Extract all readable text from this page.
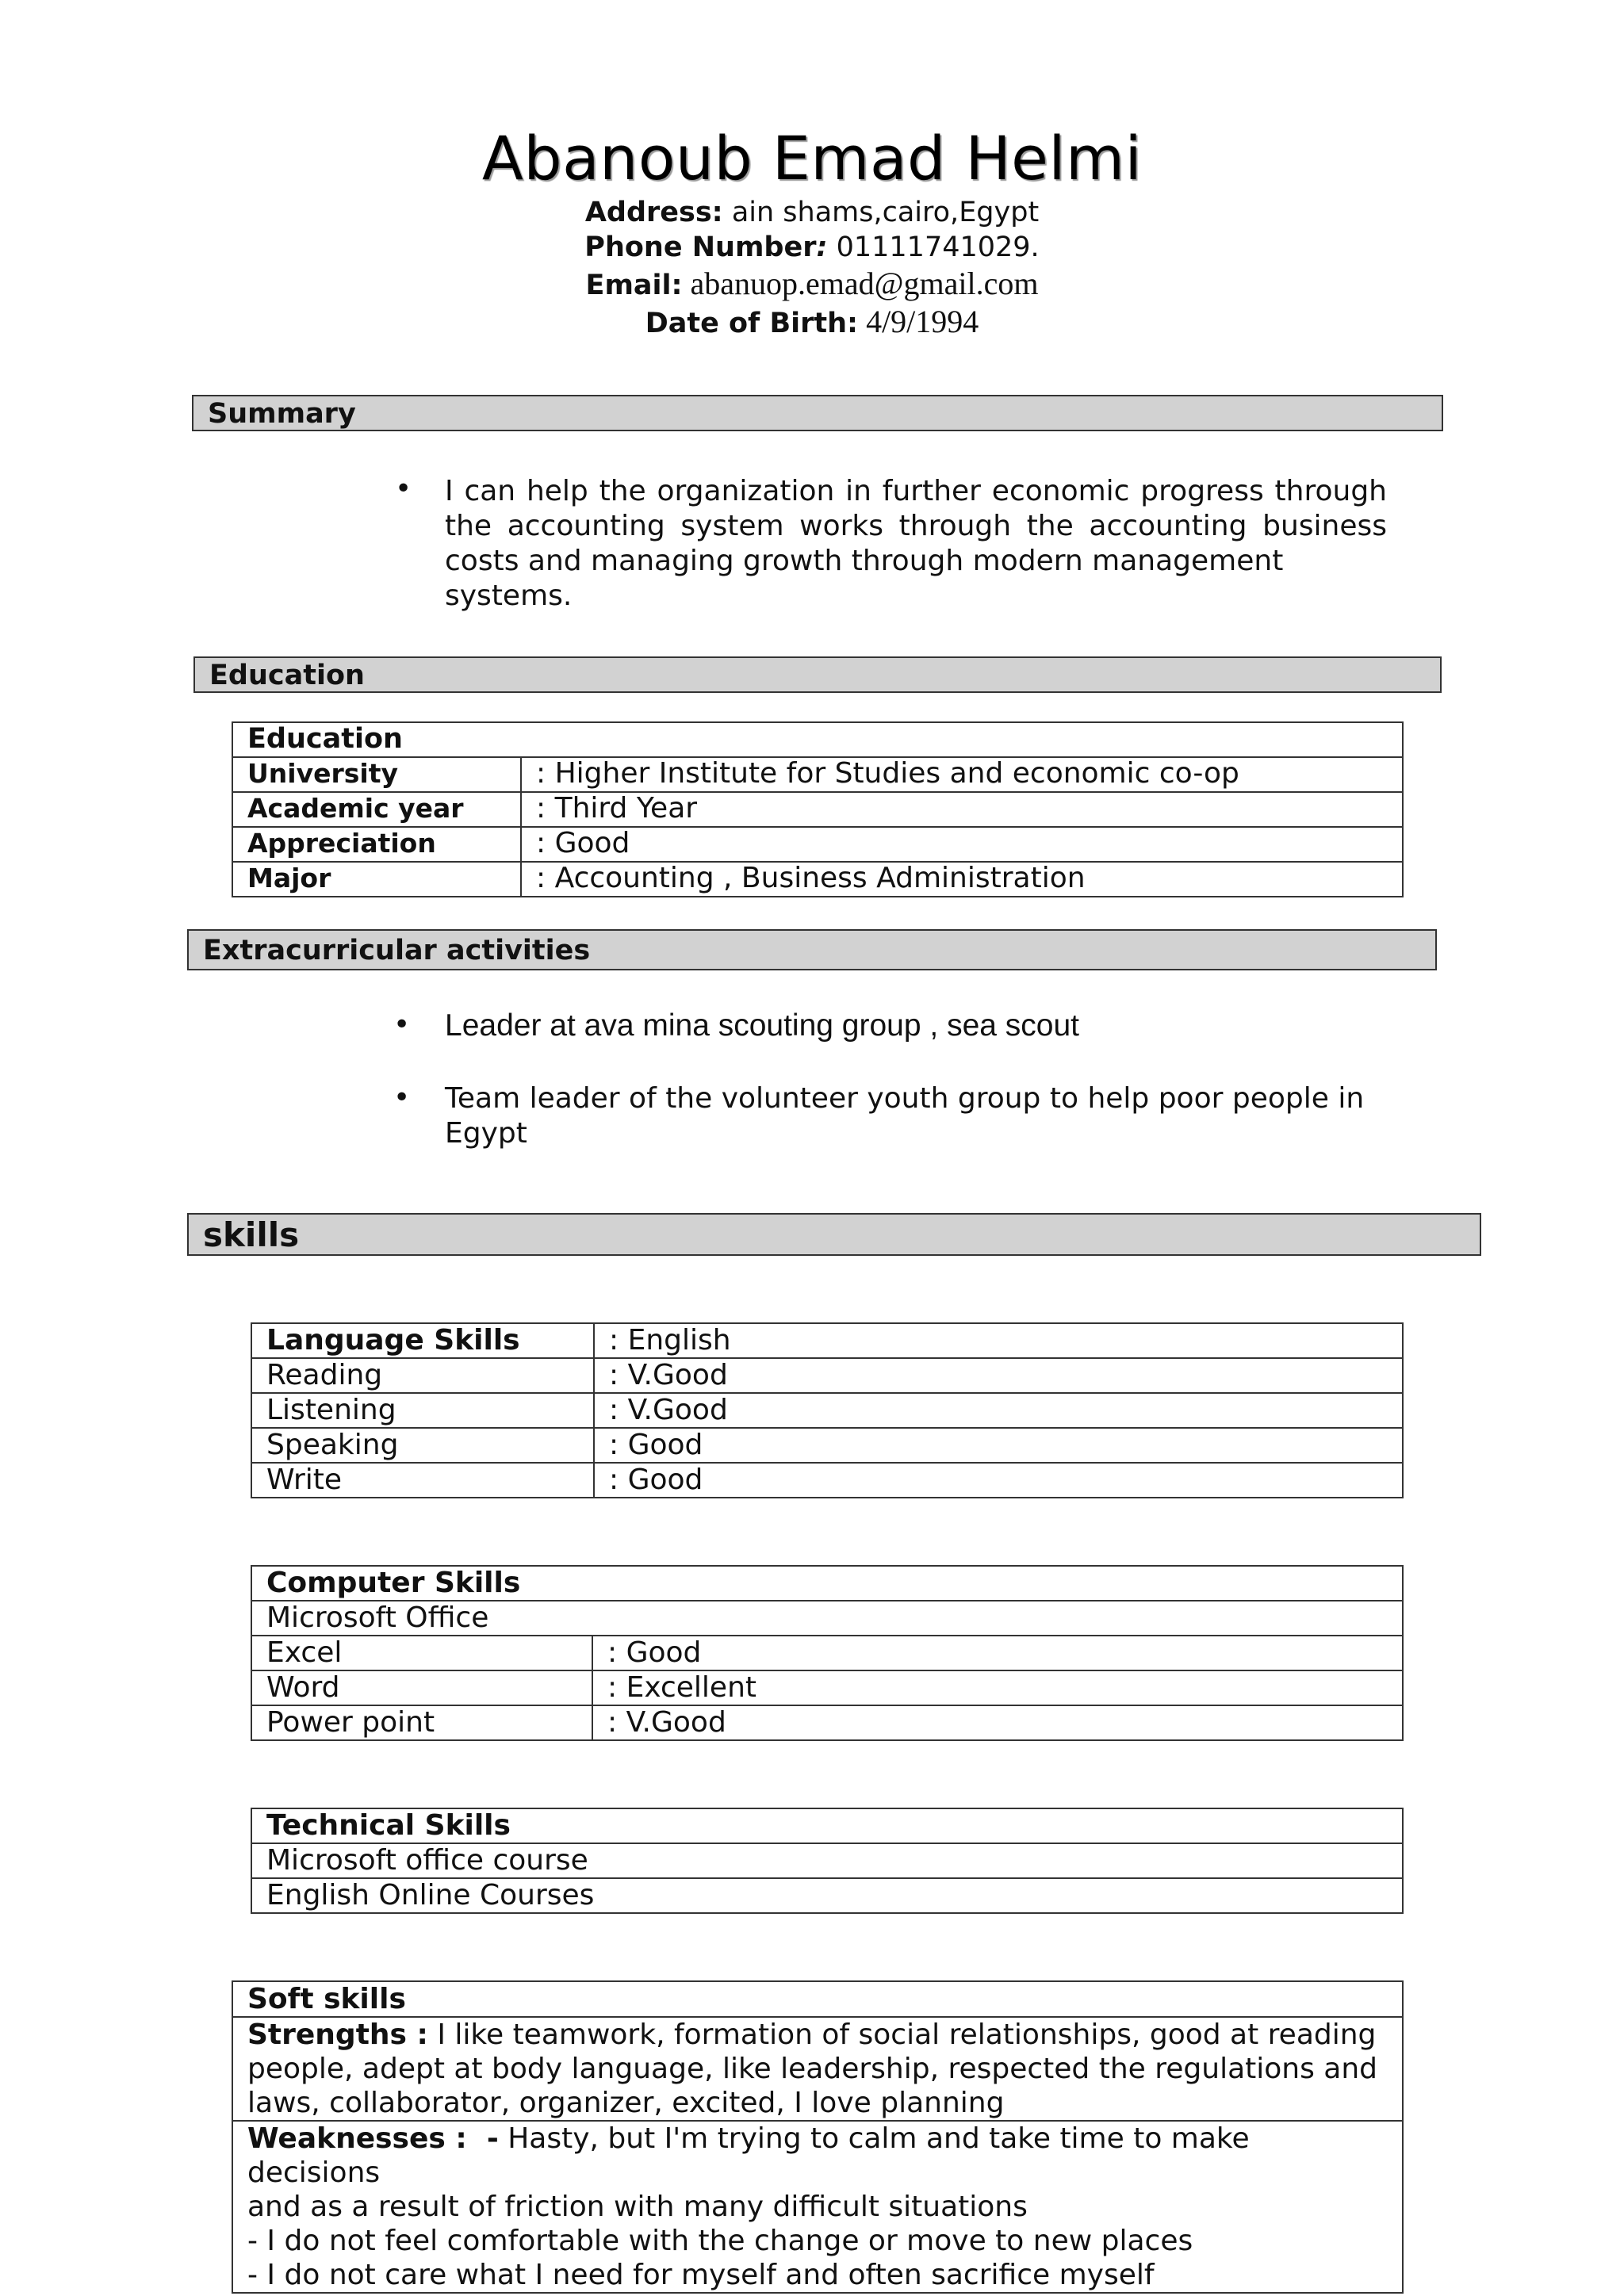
Abanoub Emad Helmi
Address: ain shams,cairo,Egypt
Phone Number: 01111741029.
Email: abanuop.emad@gmail.com
Date of Birth: 4/9/1994
Summary
• I can help the organization in further economic progress through
the accounting system works through the accounting business
costs and managing growth through modern management systems.
Education
Education	
University	: Higher Institute for Studies and economic co-op
Academic year	: Third Year
Appreciation	: Good
Major	: Accounting , Business Administration
Extracurricular activities
• Leader at ava mina scouting group , sea scout
• Team leader of the volunteer youth group to help poor people in
Egypt
skills
Language Skills	: English
Reading	: V.Good
Listening	: V.Good
Speaking	: Good
Write	: Good
Computer Skills	
Microsoft Office	
Excel	: Good
Word	: Excellent
Power point	: V.Good
Technical Skills
Microsoft office course
English Online Courses
Soft skills

Strengths : I like teamwork, formation of social relationships, good at reading
people, adept at body language, like leadership, respected the regulations and
laws, collaborator, organizer, excited, I love planning

Weaknesses :  - Hasty, but I'm trying to calm and take time to make decisions
and as a result of friction with many difficult situations
- I do not feel comfortable with the change or move to new places
- I do not care what I need for myself and often sacrifice myself
